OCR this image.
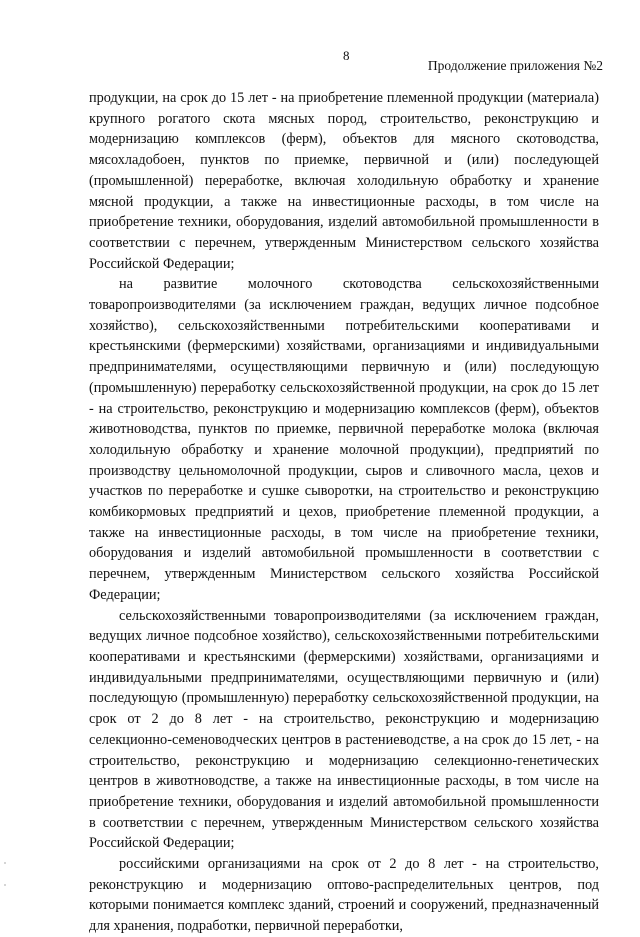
8
Продолжение приложения №2

продукции, на срок до 15 лет - на приобретение племенной продукции (материала) крупного рогатого скота мясных пород, строительство, реконструкцию и модернизацию комплексов (ферм), объектов для мясного скотоводства, мясохладобоен, пунктов по приемке, первичной и (или) последующей (промышленной) переработке, включая холодильную обработку и хранение мясной продукции, а также на инвестиционные расходы, в том числе на приобретение техники, оборудования, изделий автомобильной промышленности в соответствии с перечнем, утвержденным Министерством сельского хозяйства Российской Федерации;

на развитие молочного скотоводства сельскохозяйственными товаропроизводителями (за исключением граждан, ведущих личное подсобное хозяйство), сельскохозяйственными потребительскими кооперативами и крестьянскими (фермерскими) хозяйствами, организациями и индивидуальными предпринимателями, осуществляющими первичную и (или) последующую (промышленную) переработку сельскохозяйственной продукции, на срок до 15 лет - на строительство, реконструкцию и модернизацию комплексов (ферм), объектов животноводства, пунктов по приемке, первичной переработке молока (включая холодильную обработку и хранение молочной продукции), предприятий по производству цельномолочной продукции, сыров и сливочного масла, цехов и участков по переработке и сушке сыворотки, на строительство и реконструкцию комбикормовых предприятий и цехов, приобретение племенной продукции, а также на инвестиционные расходы, в том числе на приобретение техники, оборудования и изделий автомобильной промышленности в соответствии с перечнем, утвержденным Министерством сельского хозяйства Российской Федерации;

сельскохозяйственными товаропроизводителями (за исключением граждан, ведущих личное подсобное хозяйство), сельскохозяйственными потребительскими кооперативами и крестьянскими (фермерскими) хозяйствами, организациями и индивидуальными предпринимателями, осуществляющими первичную и (или) последующую (промышленную) переработку сельскохозяйственной продукции, на срок от 2 до 8 лет - на строительство, реконструкцию и модернизацию селекционно-семеноводческих центров в растениеводстве, а на срок до 15 лет, - на строительство, реконструкцию и модернизацию селекционно-генетических центров в животноводстве, а также на инвестиционные расходы, в том числе на приобретение техники, оборудования и изделий автомобильной промышленности в соответствии с перечнем, утвержденным Министерством сельского хозяйства Российской Федерации;

российскими организациями на срок от 2 до 8 лет - на строительство, реконструкцию и модернизацию оптово-распределительных центров, под которыми понимается комплекс зданий, строений и сооружений, предназначенный для хранения, подработки, первичной переработки,
